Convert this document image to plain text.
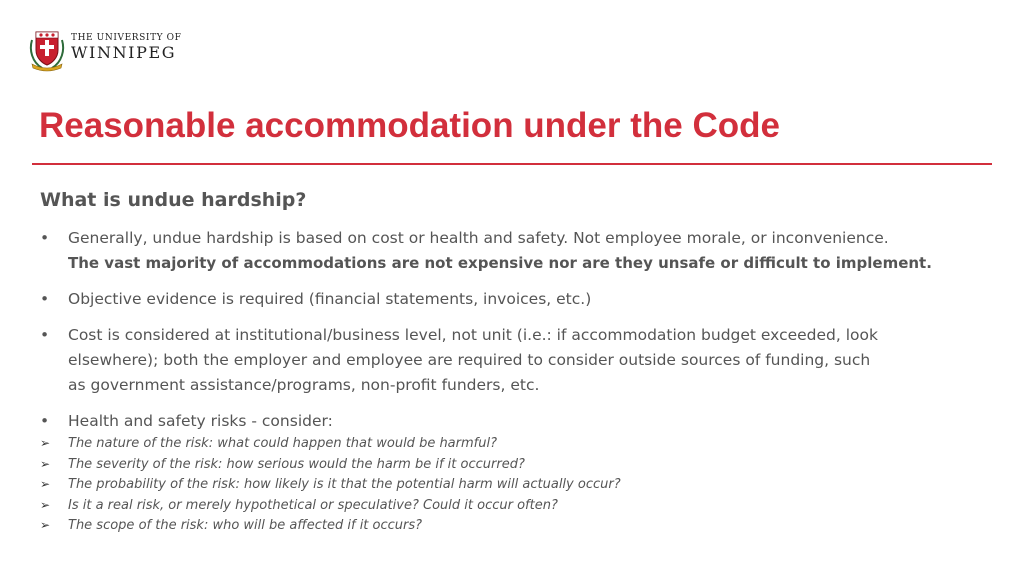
THE UNIVERSITY OF
WINNIPEG
Reasonable accommodation under the Code
What is undue hardship?
• Generally, undue hardship is based on cost or health and safety. Not employee morale, or inconvenience.
The vast majority of accommodations are not expensive nor are they unsafe or difficult to implement.
• Objective evidence is required (financial statements, invoices, etc.)
• Cost is considered at institutional/business level, not unit (i.e.: if accommodation budget exceeded, look
elsewhere); both the employer and employee are required to consider outside sources of funding, such
as government assistance/programs, non-profit funders, etc.
• Health and safety risks - consider:
➢ The nature of the risk: what could happen that would be harmful?
➢ The severity of the risk: how serious would the harm be if it occurred?
➢ The probability of the risk: how likely is it that the potential harm will actually occur?
➢ Is it a real risk, or merely hypothetical or speculative? Could it occur often?
➢ The scope of the risk: who will be affected if it occurs?
